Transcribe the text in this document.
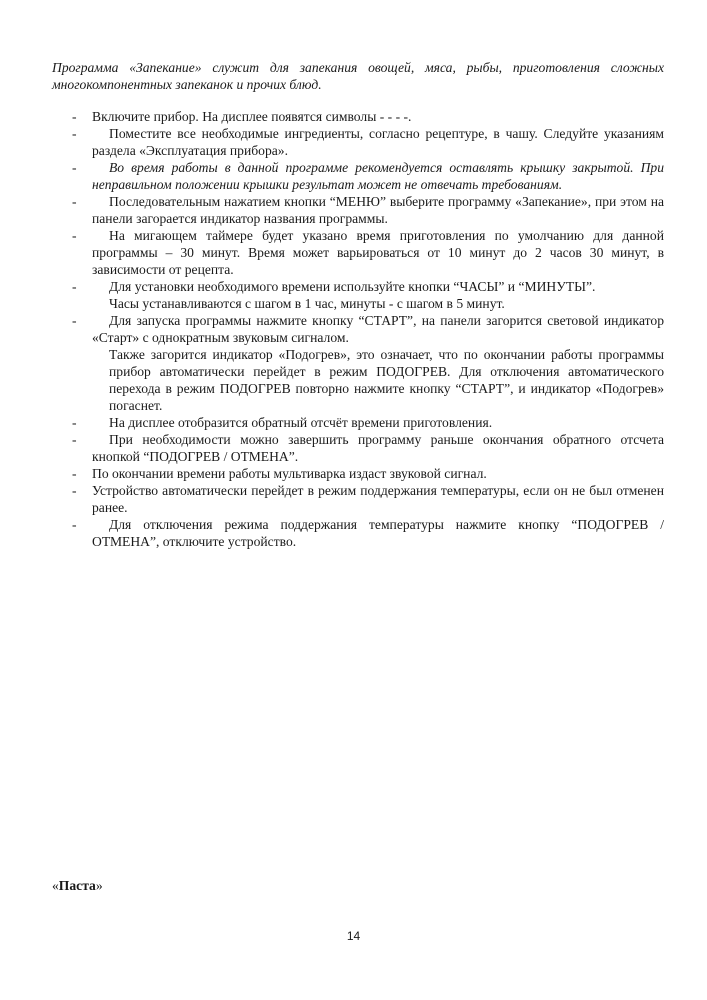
Программа «Запекание» служит для запекания овощей, мяса, рыбы, приготовления сложных многокомпонентных запеканок и прочих блюд.

- Включите прибор. На дисплее появятся символы - - - -.
-	Поместите все необходимые ингредиенты, согласно рецептуре, в чашу. Следуйте указаниям раздела «Эксплуатация прибора».
-	Во время работы в данной программе рекомендуется оставлять крышку закрытой. При неправильном положении крышки результат может не отвечать требованиям.
-	Последовательным нажатием кнопки “МЕНЮ” выберите программу «Запекание», при этом на панели загорается индикатор названия программы.
-	На мигающем таймере будет указано время приготовления по умолчанию для данной программы – 30 минут. Время может варьироваться от 10 минут до 2 часов 30 минут, в зависимости от рецепта.
-	Для установки необходимого времени используйте кнопки “ЧАСЫ” и “МИНУТЫ”.
Часы устанавливаются с шагом в 1 час, минуты - с шагом в 5 минут.
-	Для запуска программы нажмите кнопку “СТАРТ”, на панели загорится световой индикатор «Старт» с однократным звуковым сигналом.
Также загорится индикатор «Подогрев», это означает, что по окончании работы программы прибор автоматически перейдет в режим ПОДОГРЕВ. Для отключения автоматического перехода в режим ПОДОГРЕВ повторно нажмите кнопку “СТАРТ”, и индикатор «Подогрев» погаснет.
-	На дисплее отобразится обратный отсчёт времени приготовления.
-	При необходимости можно завершить программу раньше окончания обратного отсчета кнопкой “ПОДОГРЕВ / ОТМЕНА”.
- По окончании времени работы мультиварка издаст звуковой сигнал.
- Устройство автоматически перейдет в режим поддержания температуры, если он не был отменен ранее.
-	Для отключения режима поддержания температуры нажмите кнопку “ПОДОГРЕВ / ОТМЕНА”, отключите устройство.
«Паста»
14
